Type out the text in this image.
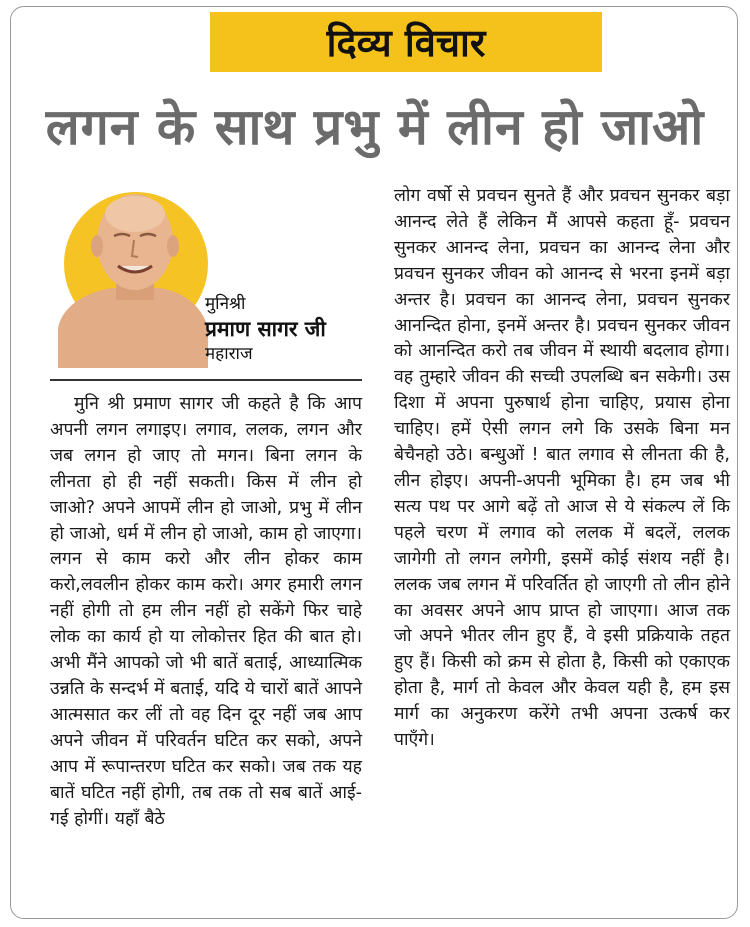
दिव्य विचार
लगन के साथ प्रभु में लीन हो जाओ
मुनिश्री
प्रमाण सागर जी
महाराज
मुनि श्री प्रमाण सागर जी कहते है कि आप अपनी लगन लगाइए। लगाव, ललक, लगन और जब लगन हो जाए तो मगन। बिना लगन के लीनता हो ही नहीं सकती। किस में लीन हो जाओ? अपने आपमें लीन हो जाओ, प्रभु में लीन हो जाओ, धर्म में लीन हो जाओ, काम हो जाएगा। लगन से काम करो और लीन होकर काम करो,लवलीन होकर काम करो। अगर हमारी लगन नहीं होगी तो हम लीन नहीं हो सकेंगे फिर चाहे लोक का कार्य हो या लोकोत्तर हित की बात हो। अभी मैंने आपको जो भी बातें बताई, आध्यात्मिक उन्नति के सन्दर्भ में बताई, यदि ये चारों बातें आपने आत्मसात कर लीं तो वह दिन दूर नहीं जब आप अपने जीवन में परिवर्तन घटित कर सको, अपने आप में रूपान्तरण घटित कर सको। जब तक यह बातें घटित नहीं होगी, तब तक तो सब बातें आई-गई होगीं। यहाँ बैठे
लोग वर्षो से प्रवचन सुनते हैं और प्रवचन सुनकर बड़ा आनन्द लेते हैं लेकिन मैं आपसे कहता हूँ- प्रवचन सुनकर आनन्द लेना, प्रवचन का आनन्द लेना और प्रवचन सुनकर जीवन को आनन्द से भरना इनमें बड़ा अन्तर है। प्रवचन का आनन्द लेना, प्रवचन सुनकर आनन्दित होना, इनमें अन्तर है। प्रवचन सुनकर जीवन को आनन्दित करो तब जीवन में स्थायी बदलाव होगा। वह तुम्हारे जीवन की सच्ची उपलब्धि बन सकेगी। उस दिशा में अपना पुरुषार्थ होना चाहिए, प्रयास होना चाहिए। हमें ऐसी लगन लगे कि उसके बिना मन बेचैनहो उठे। बन्धुओं ! बात लगाव से लीनता की है, लीन होइए। अपनी-अपनी भूमिका है। हम जब भी सत्य पथ पर आगे बढ़ें तो आज से ये संकल्प लें कि पहले चरण में लगाव को ललक में बदलें, ललक जागेगी तो लगन लगेगी, इसमें कोई संशय नहीं है। ललक जब लगन में परिवर्तित हो जाएगी तो लीन होने का अवसर अपने आप प्राप्त हो जाएगा। आज तक जो अपने भीतर लीन हुए हैं, वे इसी प्रक्रियाके तहत हुए हैं। किसी को क्रम से होता है, किसी को एकाएक होता है, मार्ग तो केवल और केवल यही है, हम इस मार्ग का अनुकरण करेंगे तभी अपना उत्कर्ष कर पाएँगे।
